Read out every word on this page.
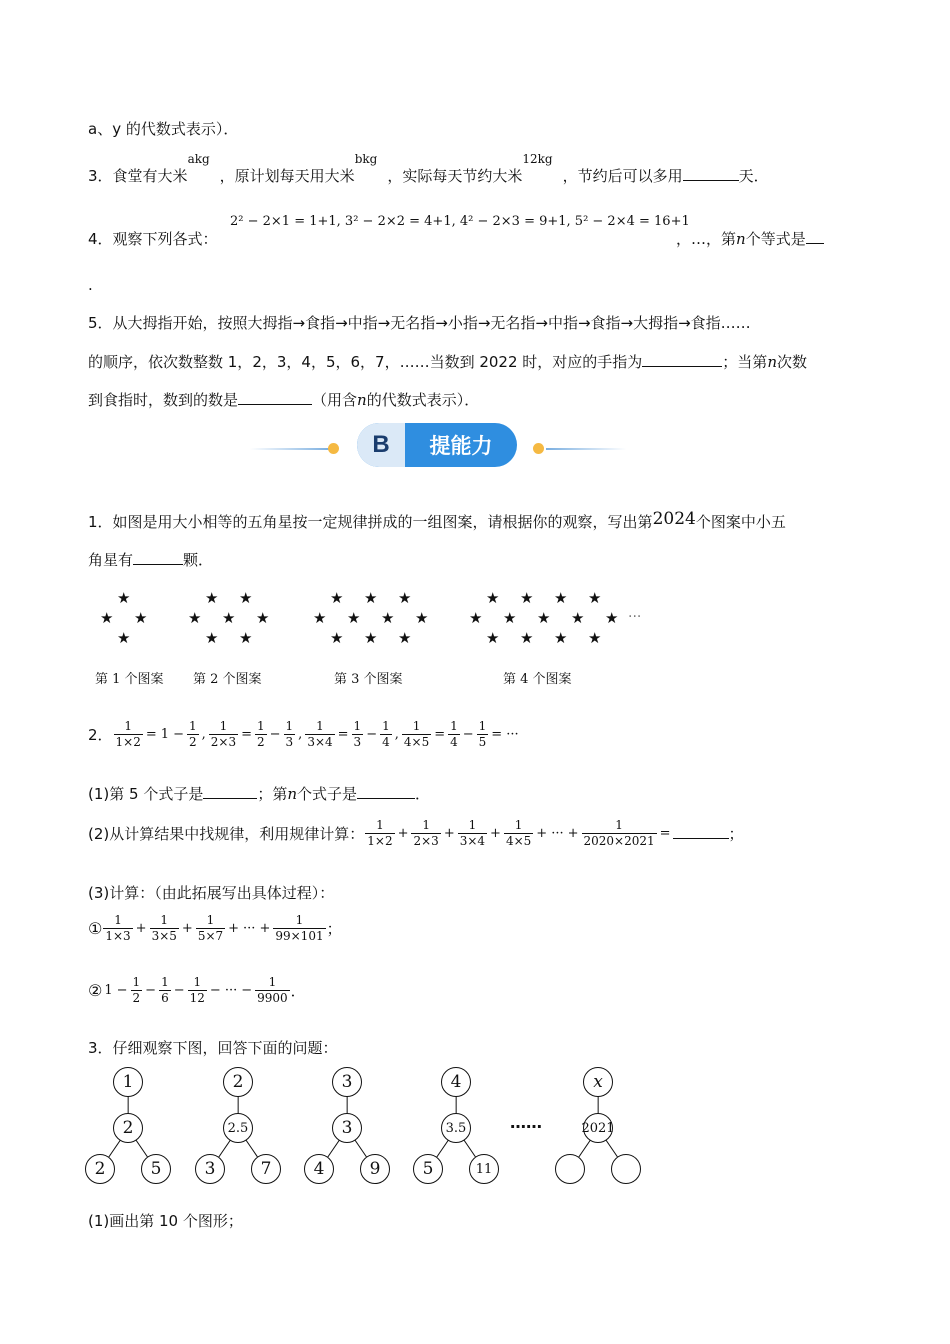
a、y 的代数式表示）．
3．食堂有大米$^{akg}$，原计划每天用大米$^{bkg}$，实际每天节约大米$^{12kg}$，节约后可以多用	天．
4．观察下列各式：
2² − 2×1 = 1+1, 3² − 2×2 = 4+1, 4² − 2×3 = 9+1, 5² − 2×4 = 16+1
，…，第n个等式是
.
5．从大拇指开始，按照大拇指→食指→中指→无名指→小指→无名指→中指→食指→大拇指→食指……
的顺序，依次数整数 1，2，3，4，5，6，7，……当数到 2022 时，对应的手指为	；当第n次数
到食指时，数到的数是	（用含n的代数式表示）．
B	提能力
1．如图是用大小相等的五角星按一定规律拼成的一组图案，请根据你的观察，写出第2024个图案中小五
角星有	颗．
★
★ ★
★
★ ★
★ ★ ★
★ ★
★ ★ ★
★ ★ ★ ★
★ ★ ★
★ ★ ★ ★
★ ★ ★ ★ ★
★ ★ ★ ★
···
第 1 个图案 第 2 个图案	第 3 个图案	第 4 个图案
2． $\frac{1}{1\times 2} = 1 - \frac{1}{2}$ , $\frac{1}{2\times 3} = \frac{1}{2} - \frac{1}{3}$ , $\frac{1}{3\times 4} = \frac{1}{3} - \frac{1}{4}$ , $\frac{1}{4\times 5} = \frac{1}{4} - \frac{1}{5}$ = ···
(1)第 5 个式子是	；第n个式子是	．
(2)从计算结果中找规律，利用规律计算： $\frac{1}{1\times 2} + \frac{1}{2\times 3} + \frac{1}{3\times 4} + \frac{1}{4\times 5}$ + ··· + $\frac{1}{2020\times 2021}$ =	；
(3)计算：（由此拓展写出具体过程）：
① $\frac{1}{1\times 3} + \frac{1}{3\times 5} + \frac{1}{5\times 7}$ + ··· + $\frac{1}{99\times 101}$ ；
② $1 - \frac{1}{2} - \frac{1}{6} - \frac{1}{12}$ − ··· − $\frac{1}{9900}$ ．
3．仔细观察下图，回答下面的问题：
1
2
2	5
2
2.5
3	7
3
3
4	9
4
3.5
5	11
x
2021
……
(1)画出第 10 个图形；
